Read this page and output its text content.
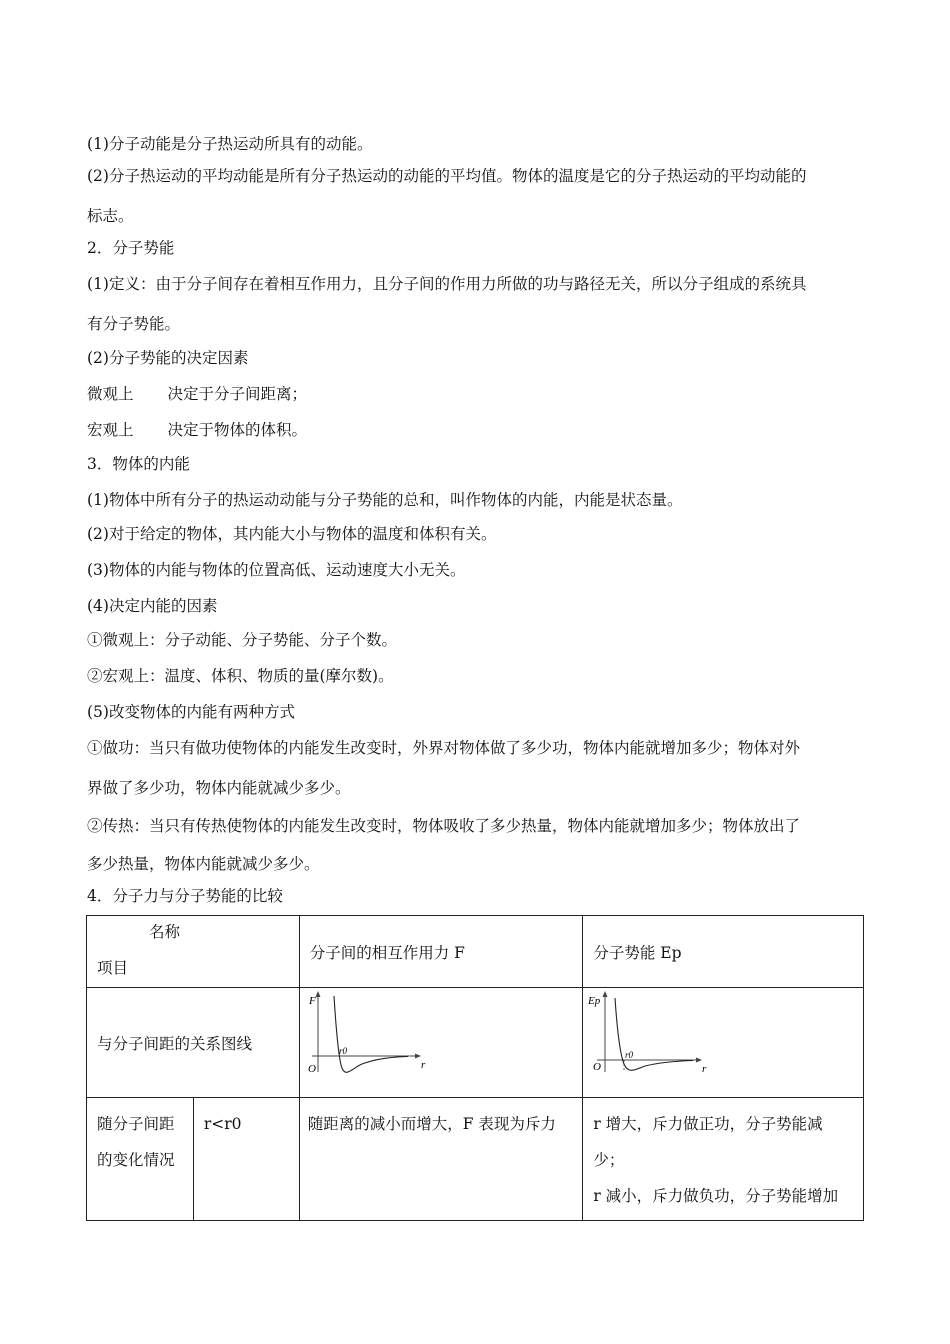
(1)分子动能是分子热运动所具有的动能。
(2)分子热运动的平均动能是所有分子热运动的动能的平均值。物体的温度是它的分子热运动的平均动能的
标志。
2．分子势能
(1)定义：由于分子间存在着相互作用力，且分子间的作用力所做的功与路径无关，所以分子组成的系统具
有分子势能。
(2)分子势能的决定因素
微观上 决定于分子间距离；
宏观上 决定于物体的体积。
3．物体的内能
(1)物体中所有分子的热运动动能与分子势能的总和，叫作物体的内能，内能是状态量。
(2)对于给定的物体，其内能大小与物体的温度和体积有关。
(3)物体的内能与物体的位置高低、运动速度大小无关。
(4)决定内能的因素
①微观上：分子动能、分子势能、分子个数。
②宏观上：温度、体积、物质的量(摩尔数)。
(5)改变物体的内能有两种方式
①做功：当只有做功使物体的内能发生改变时，外界对物体做了多少功，物体内能就增加多少；物体对外
界做了多少功，物体内能就减少多少。
②传热：当只有传热使物体的内能发生改变时，物体吸收了多少热量，物体内能就增加多少；物体放出了
多少热量，物体内能就减少多少。
4．分子力与分子势能的比较
名称
项目		分子间的相互作用力 F	分子势能 Ep

与分子间距的关系图线		F
O r
r0	Ep
O r
r0

随分子间距的变化情况	r<r0	随距离的减小而增大，F 表现为斥力	r 增大，斥力做正功，分子势能减少；
r 减小，斥力做负功，分子势能增加
